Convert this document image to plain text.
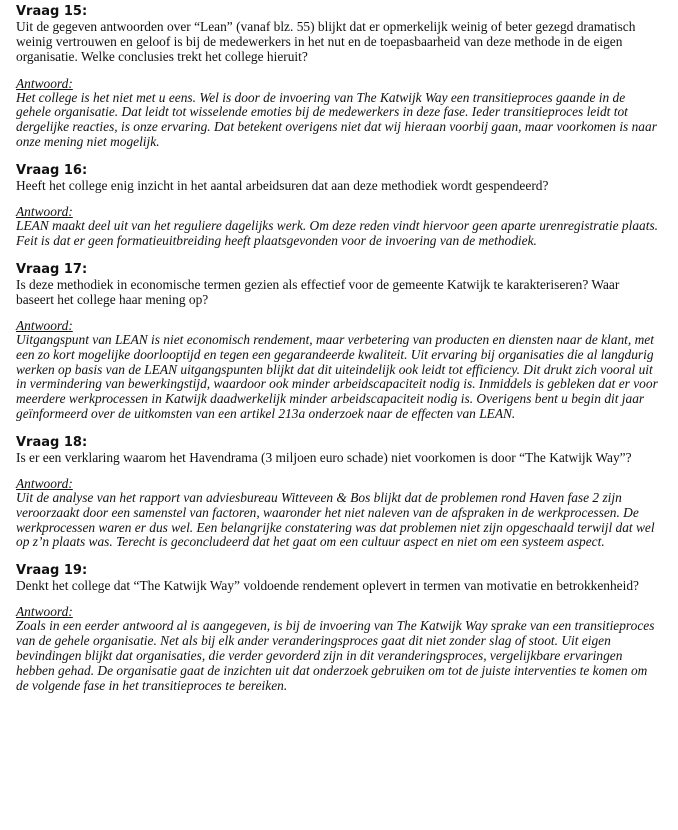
Vraag 15:

Uit de gegeven antwoorden over “Lean” (vanaf blz. 55) blijkt dat er opmerkelijk weinig of beter gezegd dramatisch weinig vertrouwen en geloof is bij de medewerkers in het nut en de toepasbaarheid van deze methode in de eigen organisatie. Welke conclusies trekt het college hieruit?

Antwoord:

Het college is het niet met u eens. Wel is door de invoering van The Katwijk Way een transitieproces gaande in de gehele organisatie. Dat leidt tot wisselende emoties bij de medewerkers in deze fase. Ieder transitieproces leidt tot dergelijke reacties, is onze ervaring. Dat betekent overigens niet dat wij hieraan voorbij gaan, maar voorkomen is naar onze mening niet mogelijk.

Vraag 16:

Heeft het college enig inzicht in het aantal arbeidsuren dat aan deze methodiek wordt gespendeerd?

Antwoord:

LEAN maakt deel uit van het reguliere dagelijks werk. Om deze reden vindt hiervoor geen aparte urenregistratie plaats. Feit is dat er geen formatieuitbreiding heeft plaatsgevonden voor de invoering van de methodiek.

Vraag 17:

Is deze methodiek in economische termen gezien als effectief voor de gemeente Katwijk te karakteriseren? Waar baseert het college haar mening op?

Antwoord:

Uitgangspunt van LEAN is niet economisch rendement, maar verbetering van producten en diensten naar de klant, met een zo kort mogelijke doorlooptijd en tegen een gegarandeerde kwaliteit. Uit ervaring bij organisaties die al langdurig werken op basis van de LEAN uitgangspunten blijkt dat dit uiteindelijk ook leidt tot efficiency. Dit drukt zich vooral uit in vermindering van bewerkingstijd, waardoor ook minder arbeidscapaciteit nodig is. Inmiddels is gebleken dat er voor meerdere werkprocessen in Katwijk daadwerkelijk minder arbeidscapaciteit nodig is. Overigens bent u begin dit jaar geïnformeerd over de uitkomsten van een artikel 213a onderzoek naar de effecten van LEAN.

Vraag 18:

Is er een verklaring waarom het Havendrama (3 miljoen euro schade) niet voorkomen is door “The Katwijk Way”?

Antwoord:

Uit de analyse van het rapport van adviesbureau Witteveen & Bos blijkt dat de problemen rond Haven fase 2 zijn veroorzaakt door een samenstel van factoren, waaronder het niet naleven van de afspraken in de werkprocessen. De werkprocessen waren er dus wel. Een belangrijke constatering was dat problemen niet zijn opgeschaald terwijl dat wel op z’n plaats was. Terecht is geconcludeerd dat het gaat om een cultuur aspect en niet om een systeem aspect.

Vraag 19:

Denkt het college dat “The Katwijk Way” voldoende rendement oplevert in termen van motivatie en betrokkenheid?

Antwoord:

Zoals in een eerder antwoord al is aangegeven, is bij de invoering van The Katwijk Way sprake van een transitieproces van de gehele organisatie. Net als bij elk ander veranderingsproces gaat dit niet zonder slag of stoot. Uit eigen bevindingen blijkt dat organisaties, die verder gevorderd zijn in dit veranderingsproces, vergelijkbare ervaringen hebben gehad. De organisatie gaat de inzichten uit dat onderzoek gebruiken om tot de juiste interventies te komen om de volgende fase in het transitieproces te bereiken.
